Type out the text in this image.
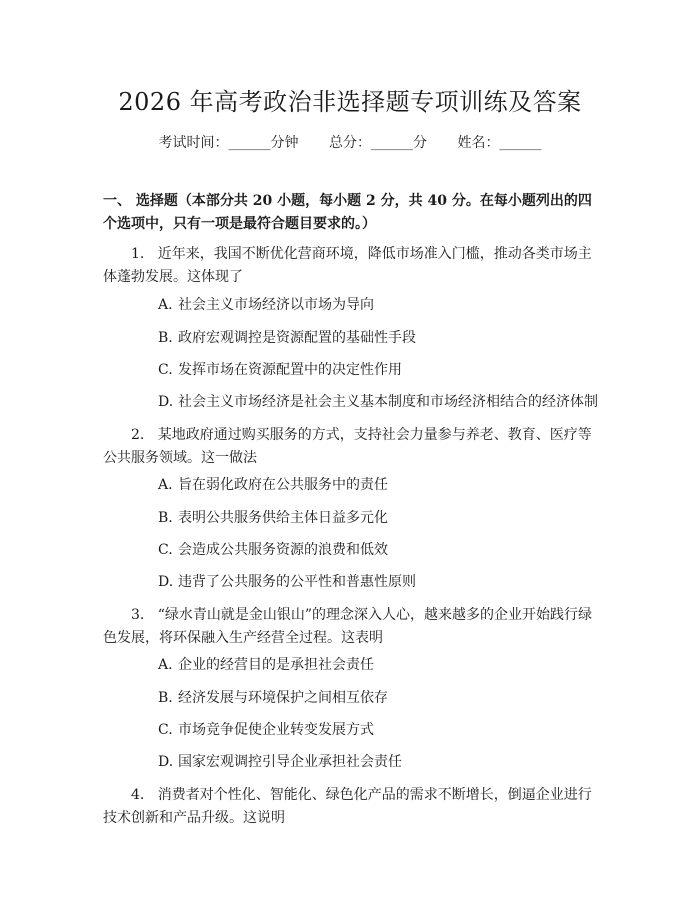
2026 年高考政治非选择题专项训练及答案
考试时间：______分钟 总分：______分 姓名：______
一、 选择题（本部分共 20 小题，每小题 2 分，共 40 分。在每小题列出的四个选项中，只有一项是最符合题目要求的。）
1. 近年来，我国不断优化营商环境，降低市场准入门槛，推动各类市场主体蓬勃发展。这体现了
A. 社会主义市场经济以市场为导向
B. 政府宏观调控是资源配置的基础性手段
C. 发挥市场在资源配置中的决定性作用
D. 社会主义市场经济是社会主义基本制度和市场经济相结合的经济体制
2. 某地政府通过购买服务的方式，支持社会力量参与养老、教育、医疗等公共服务领域。这一做法
A. 旨在弱化政府在公共服务中的责任
B. 表明公共服务供给主体日益多元化
C. 会造成公共服务资源的浪费和低效
D. 违背了公共服务的公平性和普惠性原则
3. “绿水青山就是金山银山”的理念深入人心，越来越多的企业开始践行绿色发展，将环保融入生产经营全过程。这表明
A. 企业的经营目的是承担社会责任
B. 经济发展与环境保护之间相互依存
C. 市场竞争促使企业转变发展方式
D. 国家宏观调控引导企业承担社会责任
4. 消费者对个性化、智能化、绿色化产品的需求不断增长，倒逼企业进行技术创新和产品升级。这说明
